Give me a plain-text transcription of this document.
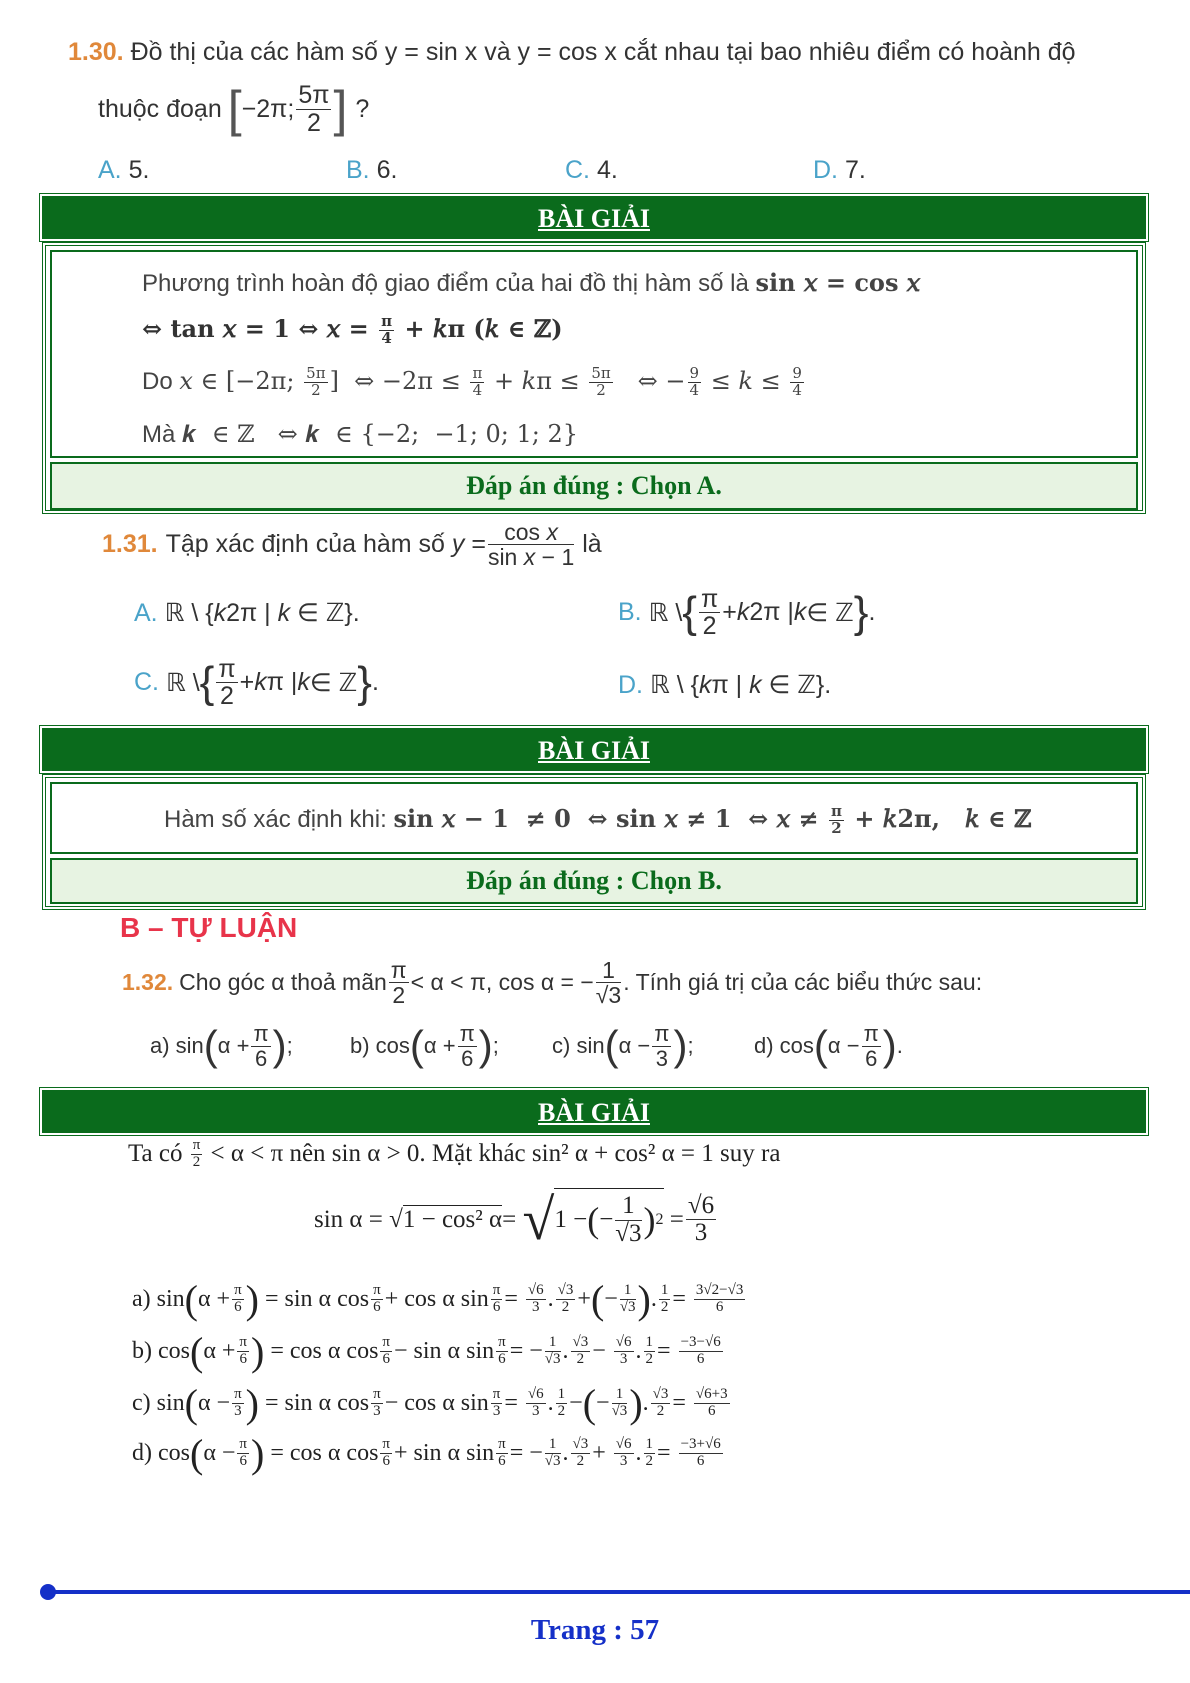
1.30. Đồ thị của các hàm số y = sin x và y = cos x cắt nhau tại bao nhiêu điểm có hoành độ
thuộc đoạn [ −2π; $\frac{5\pi}{2}$ ] ?
A. 5.	B. 6.	C. 4.	D. 7.
BÀI GIẢI
Phương trình hoàn độ giao điểm của hai đồ thị hàm số là sin 𝑥 = cos 𝑥
⇔ tan 𝑥 = 1 ⇔ 𝑥 = $\frac{\pi}{4}$ + 𝑘π (𝑘 ∈ ℤ)
Do 𝑥 ∈ [−2π; $\frac{5\pi}{2}$ ]  ⇔ $-2\pi \le \frac{\pi}{4}$ + 𝑘π ≤ $\frac{5\pi}{2}$ ⇔ − $\frac{9}{4}$ ≤ 𝑘 ≤ $\frac{9}{4}$
Mà 𝒌  ∈ ℤ   ⇔ 𝒌  ∈ {−2;  −1; 0; 1; 2}
Đáp án đúng : Chọn A.
1.31. Tập xác định của hàm số $y = \frac{\text{cos x}}{\text{sin x − 1}}$ là
A. ℝ \ {k2π | k ∈ ℤ}.	B. ℝ \ { $\frac{\pi}{2} + k$ 2π | k ∈ ℤ } .
C. ℝ \ { $\frac{\pi}{2} + k$ π | k ∈ ℤ } .	D. ℝ \ {kπ | k ∈ ℤ}.
BÀI GIẢI
Hàm số xác định khi: sin 𝑥 − 1  ≠ 0  ⇔ sin 𝑥 ≠ 1  ⇔ 𝑥 ≠ $\frac{\pi}{2}$ + 𝑘2π,   𝑘 ∈ ℤ
Đáp án đúng : Chọn B.
B – TỰ LUẬN
1.32. Cho góc α thoả mãn $\frac{\pi}{2} < \alpha < \pi$, cos α = − $\frac{1}{√3}$ . Tính giá trị của các biểu thức sau:
a) sin ( $\alpha + \frac{\pi}{6}$ ) ;	b) cos ( $\alpha + \frac{\pi}{6}$ ) ; c) sin ( $\alpha - \frac{\pi}{3}$ ) ;	d) cos ( $\alpha - \frac{\pi}{6}$ ) .
BÀI GIẢI
Ta có $\frac{\pi}{2} < \alpha < \pi$ nên sin α > 0. Mặt khác sin² α + cos² α = 1 suy ra
sin α = √ 1 − cos² α = √ 1 − ( − $\frac{1}{√3}$ ) $2 = \frac{√6}{3}$
a) sin ( $\alpha + \frac{\pi}{6}$ ) = sin α $\cos \frac{\pi}{6} + \cos \alpha$ $\sin \frac{\pi}{6} = \frac{√6}{3}$ . $\frac{√3}{2}$ + ( − $\frac{1}{√3}$ ) . $\frac{1}{2} = \frac{3√2-√3}{6}$
b) cos ( $\alpha + \frac{\pi}{6}$ ) = cos α $\cos \frac{\pi}{6} - \sin \alpha$ $\sin \frac{\pi}{6}$ = − $\frac{1}{√3}$ . $\frac{√3}{2} - \frac{√6}{3}$ . $\frac{1}{2} = \frac{-3-√6}{6}$
c) sin ( $\alpha - \frac{\pi}{3}$ ) = sin α $\cos \frac{\pi}{3} - \cos \alpha$ $\sin \frac{\pi}{3} = \frac{√6}{3}$ . $\frac{1}{2}$ − ( − $\frac{1}{√3}$ ) . $\frac{√3}{2} = \frac{√6+3}{6}$
d) cos ( $\alpha - \frac{\pi}{6}$ ) = cos α $\cos \frac{\pi}{6} + \sin \alpha$ $\sin \frac{\pi}{6}$ = − $\frac{1}{√3}$ . $\frac{√3}{2} + \frac{√6}{3}$ . $\frac{1}{2} = \frac{-3+√6}{6}$
Trang : 57
